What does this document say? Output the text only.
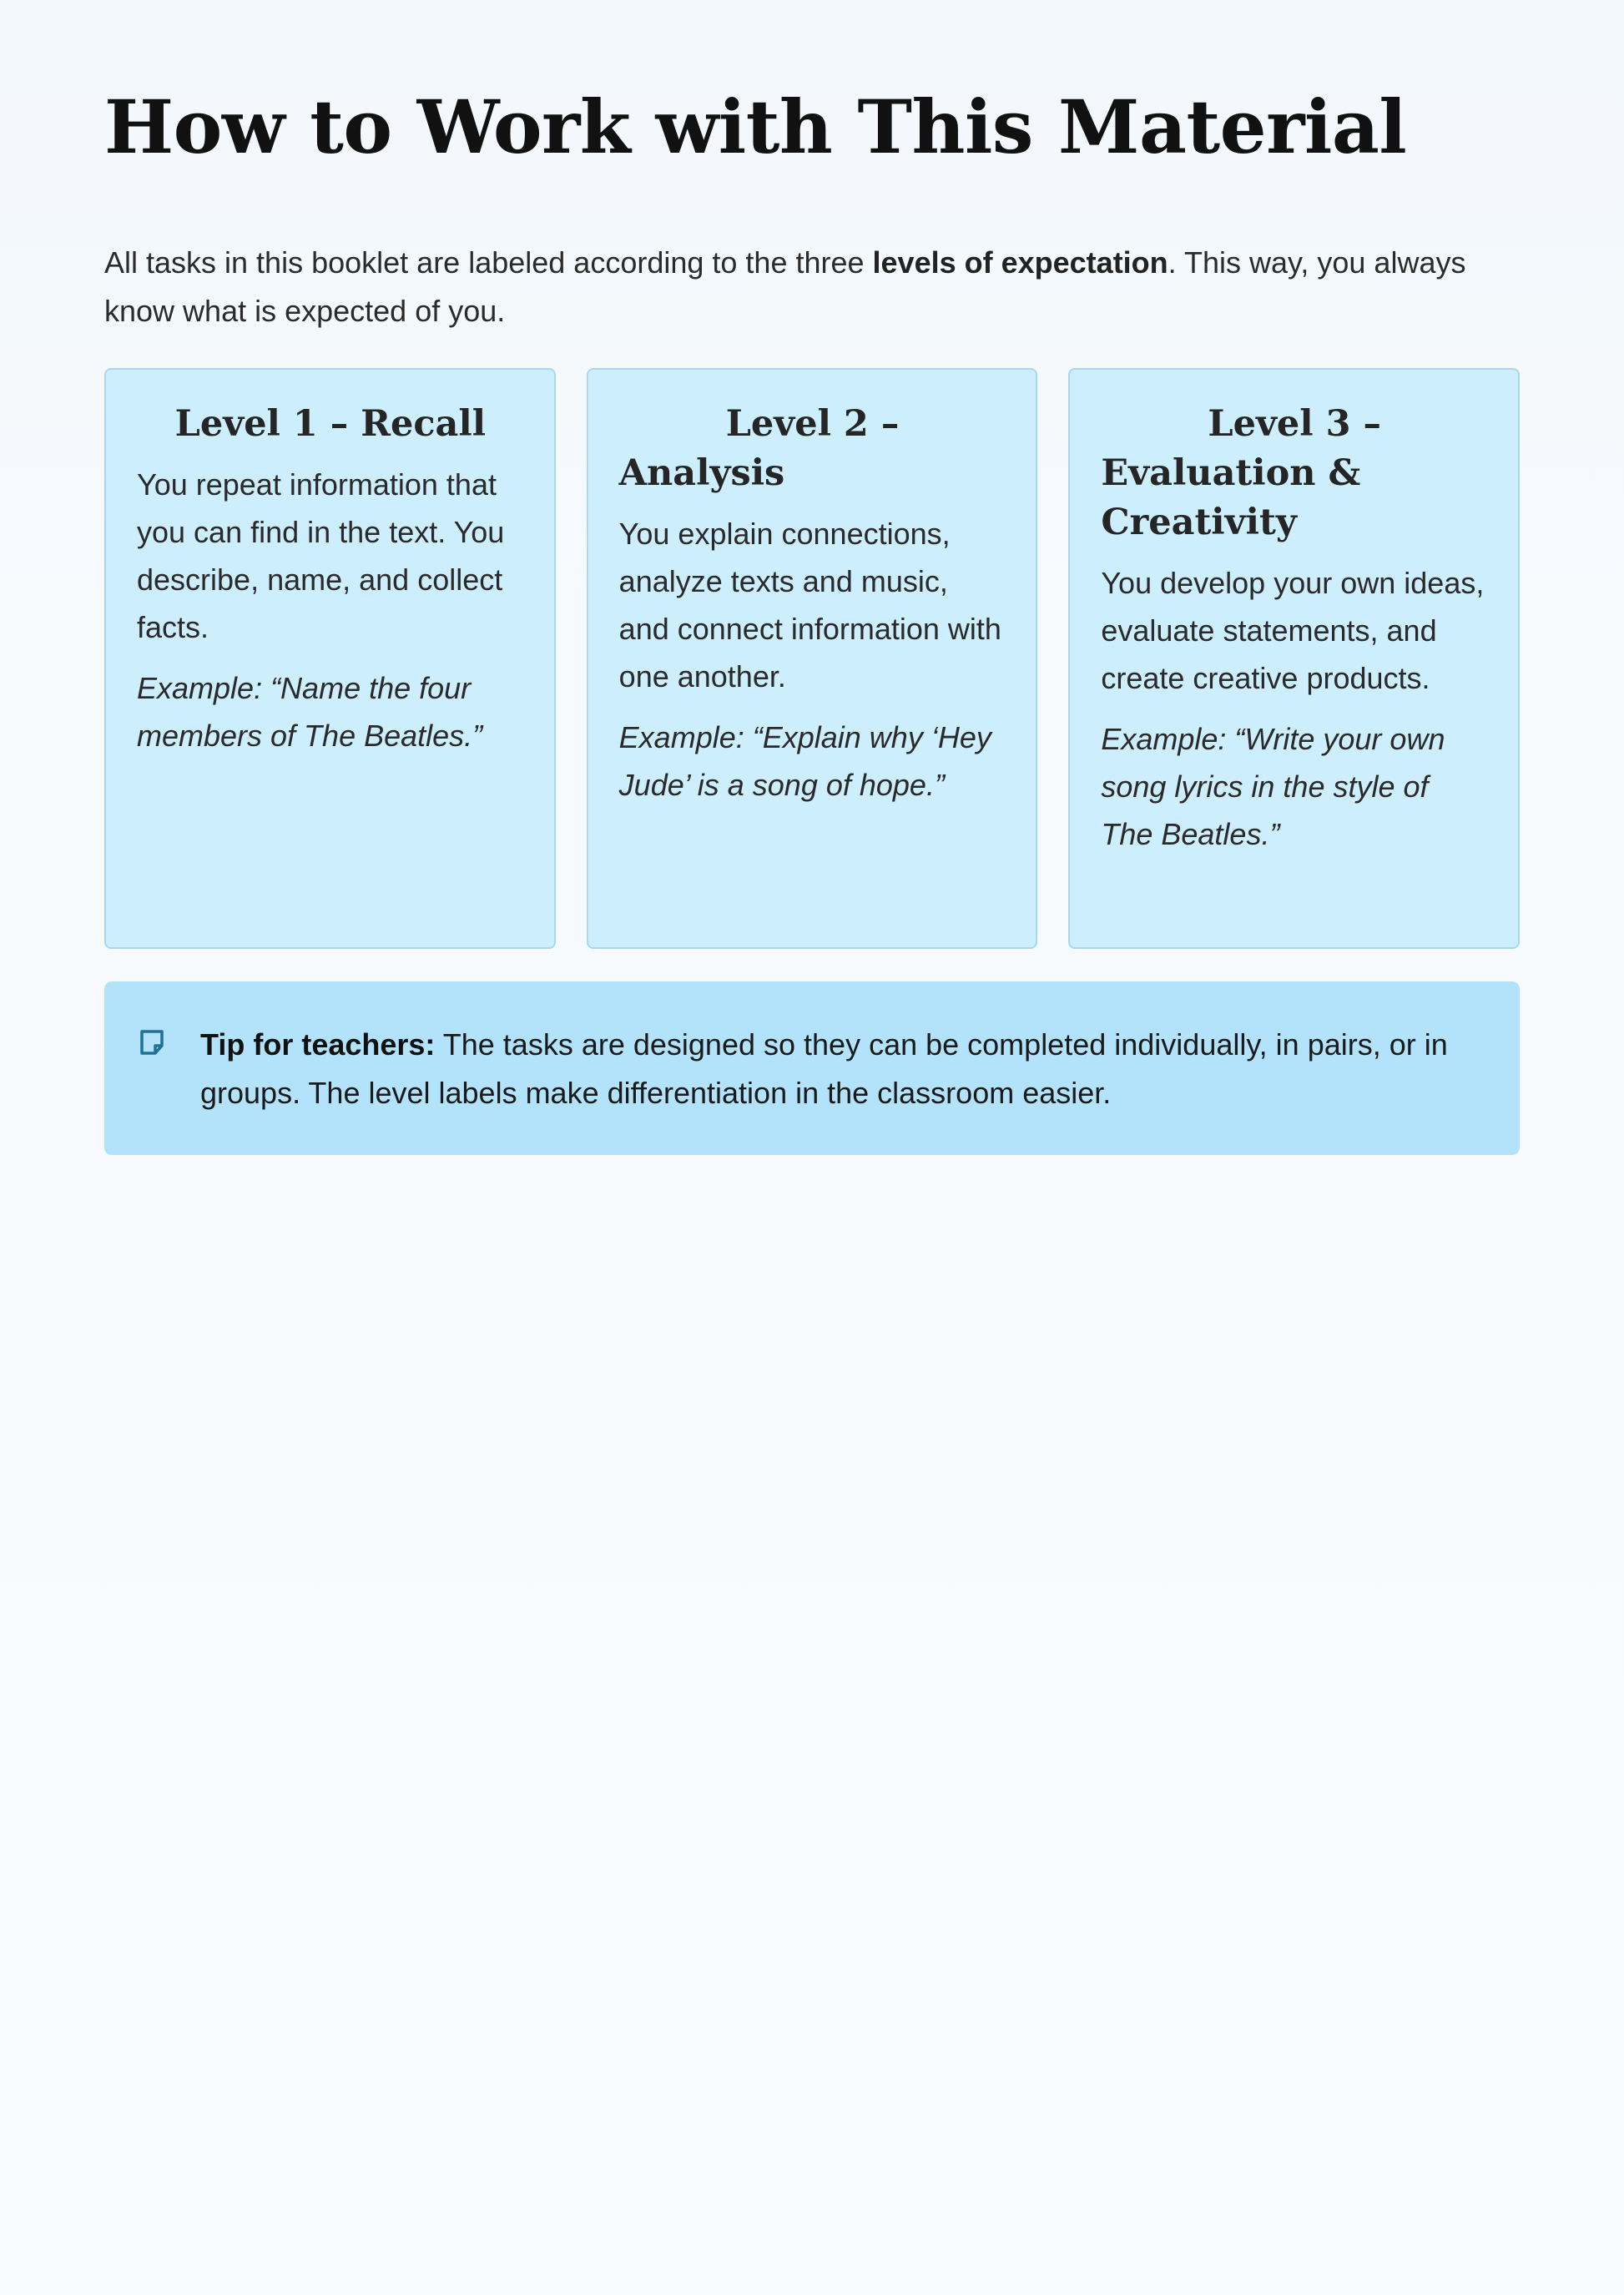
How to Work with This Material

All tasks in this booklet are labeled according to the three levels of expectation. This way, you always know what is expected of you.

Level 1 – Recall

You repeat information that you can find in the text. You describe, name, and collect facts.

Example: “Name the four members of The Beatles.”

Level 2 –
Analysis

You explain connections, analyze texts and music, and connect information with one another.

Example: “Explain why ‘Hey Jude’ is a song of hope.”

Level 3 –
Evaluation & Creativity

You develop your own ideas, evaluate statements, and create creative products.

Example: “Write your own song lyrics in the style of The Beatles.”

Tip for teachers: The tasks are designed so they can be completed individually, in pairs, or in groups. The level labels make differentiation in the classroom easier.
